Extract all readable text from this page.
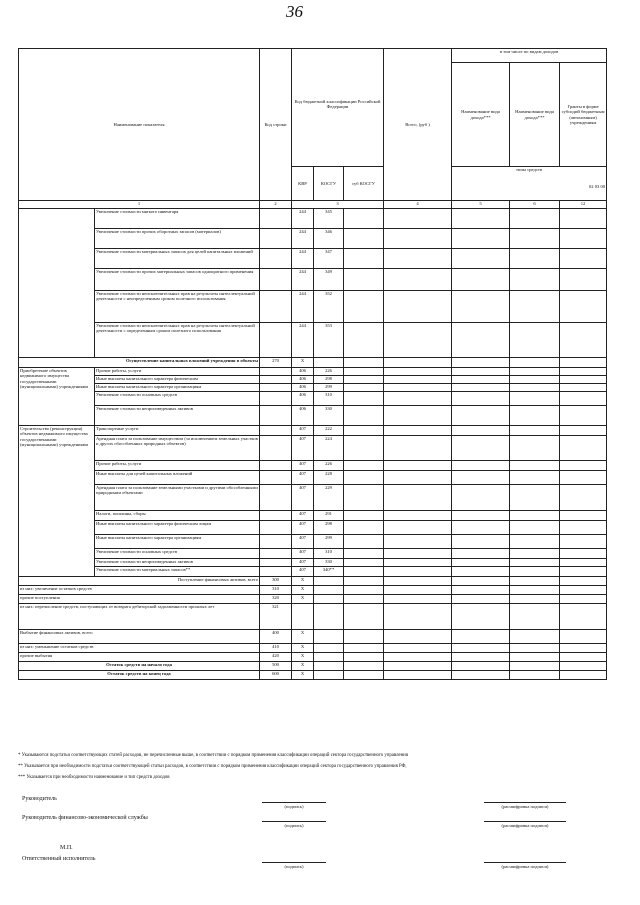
36
Наименование показателя		Код строки	Код бюджетной классификации Российской Федерации			Всего, (руб )	в том числе по видам доходов		
							Наименование вида дохода***	Наименование вида дохода***	Гранты в форме субсидий бюджетным (автономным) учреждениям
			КВР	КОСГУ	суб КОСГУ		типы средств
02 03 00		

1		2	3			4	5	6	12
	Увеличение стоимости мягкого инвентаря		244	345					
	Увеличение стоимости прочих оборотных запасов (материалов)		244	346					
	Увеличение стоимости материальных запасов для целей капитальных вложений		244	347					
	Увеличение стоимости прочих материальных запасов однократного применения		244	349					
	Увеличение стоимости неисключительных прав на результаты интеллектуальной деятельности с неопределенным сроком полезного использования		244	352					
	Увеличение стоимости неисключительных прав на результаты интеллектуальной деятельности с определенным сроком полезного использования		244	353					
Осуществление капитальных вложений учреждения в объекты		270	X						
Приобретение объектов недвижимого имущества государственными (муниципальными) учреждениями	Прочие работы, услуги		406	226					
	Иные выплаты капитального характера физическим		406	298					
	Иные выплаты капитального характера организациям		406	299					
	Увеличение стоимости основных средств		406	310					
	Увеличение стоимости непроизведенных активов		406	330					
Строительство (реконструкция) объектов недвижимого имущества государственными (муниципальными) учреждениями	Транспортные услуги		407	222					
	Арендная плата за пользование имуществом (за исключением земельных участков и других обособленных природных объектов)		407	224					
	Прочие работы, услуги		407	226					
	Иные выплаты для целей капитальных вложений		407	228					
	Арендная плата за пользование земельными участками и другими обособленными природными объектами		407	229					
	Налоги, пошлины, сборы		407	291					
	Иные выплаты капитального характера физическим лицам		407	298					
	Иные выплаты капитального характера организациям		407	299					
	Увеличение стоимости основных средств		407	310					
	Увеличение стоимости непроизведенных активов		407	330					
	Увеличение стоимости материальных запасов**		407	340**					
Поступление финансовых активов, всего		300	X						
из них: увеличение остатков средств		310	X						
прочие поступления		320	X						
из них: перечисление средств, поступающих от возврата дебиторской задолженности прошлых лет		321							
Выбытие финансовых активов, всего		400	X						
из них: уменьшение остатков средств		410	X						
прочие выбытия		420	X						
Остаток средств на начало года		500	X						
Остаток средств на конец года		600	X						
* Указываются подстатьи соответствующих статей расходов, не перечисленные выше, в соответствии с порядком применения классификации операций сектора государственного управления
** Указывается при необходимости подстатьи соответствующей статьи расходов, в соответствии с порядком применения классификации операций сектора государственного управления РФ,
*** Указывается при необходимости наименование и тип средств доходов
Руководитель
(подпись)	(расшифровка подписи)
Руководитель финансово-экономической службы
(подпись)	(расшифровка подписи)
М.П.
Ответственный исполнитель
(подпись)	(расшифровка подписи)
